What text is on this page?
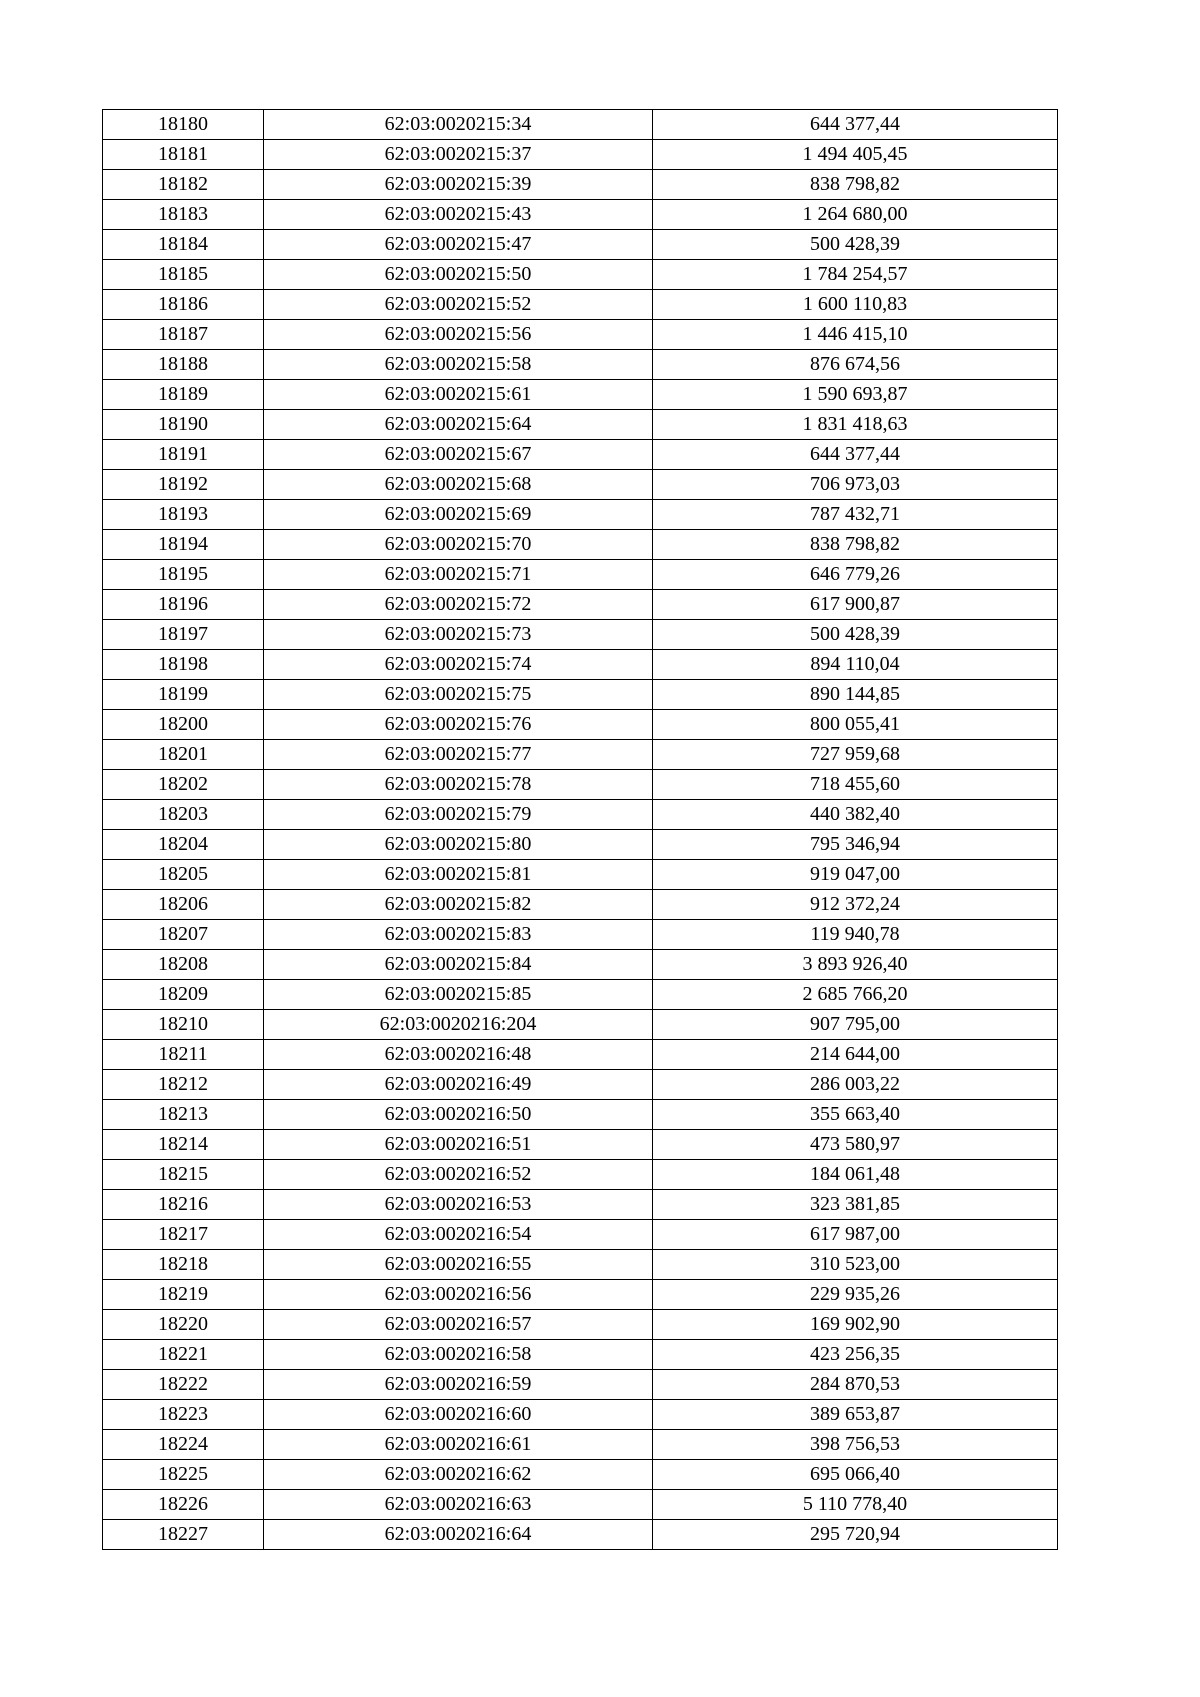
18180	62:03:0020215:34	644 377,44
18181	62:03:0020215:37	1 494 405,45
18182	62:03:0020215:39	838 798,82
18183	62:03:0020215:43	1 264 680,00
18184	62:03:0020215:47	500 428,39
18185	62:03:0020215:50	1 784 254,57
18186	62:03:0020215:52	1 600 110,83
18187	62:03:0020215:56	1 446 415,10
18188	62:03:0020215:58	876 674,56
18189	62:03:0020215:61	1 590 693,87
18190	62:03:0020215:64	1 831 418,63
18191	62:03:0020215:67	644 377,44
18192	62:03:0020215:68	706 973,03
18193	62:03:0020215:69	787 432,71
18194	62:03:0020215:70	838 798,82
18195	62:03:0020215:71	646 779,26
18196	62:03:0020215:72	617 900,87
18197	62:03:0020215:73	500 428,39
18198	62:03:0020215:74	894 110,04
18199	62:03:0020215:75	890 144,85
18200	62:03:0020215:76	800 055,41
18201	62:03:0020215:77	727 959,68
18202	62:03:0020215:78	718 455,60
18203	62:03:0020215:79	440 382,40
18204	62:03:0020215:80	795 346,94
18205	62:03:0020215:81	919 047,00
18206	62:03:0020215:82	912 372,24
18207	62:03:0020215:83	119 940,78
18208	62:03:0020215:84	3 893 926,40
18209	62:03:0020215:85	2 685 766,20
18210	62:03:0020216:204	907 795,00
18211	62:03:0020216:48	214 644,00
18212	62:03:0020216:49	286 003,22
18213	62:03:0020216:50	355 663,40
18214	62:03:0020216:51	473 580,97
18215	62:03:0020216:52	184 061,48
18216	62:03:0020216:53	323 381,85
18217	62:03:0020216:54	617 987,00
18218	62:03:0020216:55	310 523,00
18219	62:03:0020216:56	229 935,26
18220	62:03:0020216:57	169 902,90
18221	62:03:0020216:58	423 256,35
18222	62:03:0020216:59	284 870,53
18223	62:03:0020216:60	389 653,87
18224	62:03:0020216:61	398 756,53
18225	62:03:0020216:62	695 066,40
18226	62:03:0020216:63	5 110 778,40
18227	62:03:0020216:64	295 720,94
